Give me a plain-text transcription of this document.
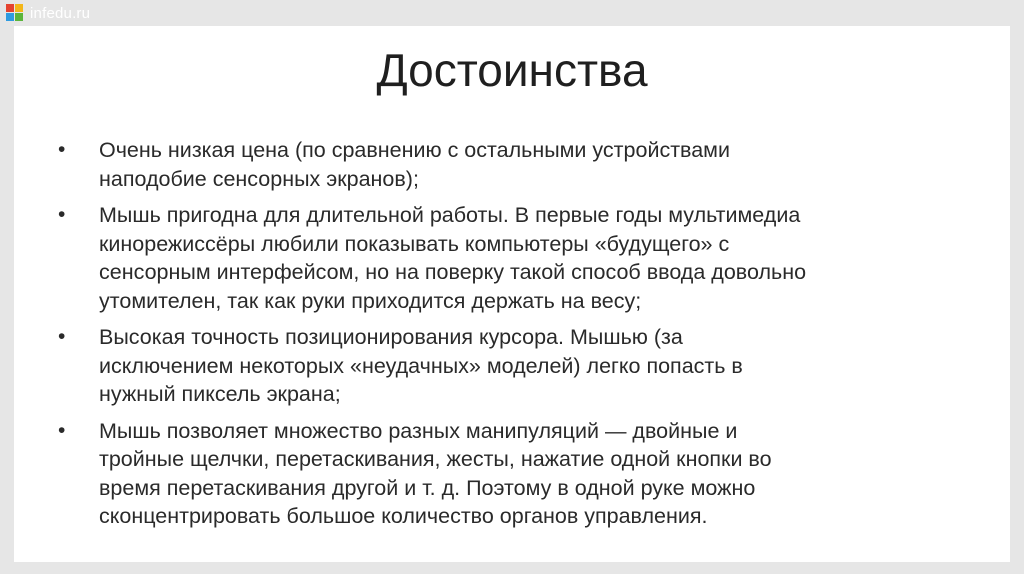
infedu.ru
Достоинства
• Очень низкая цена (по сравнению с остальными устройствами
наподобие сенсорных экранов);
• Мышь пригодна для длительной работы. В первые годы мультимедиа
кинорежиссёры любили показывать компьютеры «будущего» с
сенсорным интерфейсом, но на поверку такой способ ввода довольно
утомителен, так как руки приходится держать на весу;
• Высокая точность позиционирования курсора. Мышью (за
исключением некоторых «неудачных» моделей) легко попасть в
нужный пиксель экрана;
• Мышь позволяет множество разных манипуляций — двойные и
тройные щелчки, перетаскивания, жесты, нажатие одной кнопки во
время перетаскивания другой и т. д. Поэтому в одной руке можно
сконцентрировать большое количество органов управления.
